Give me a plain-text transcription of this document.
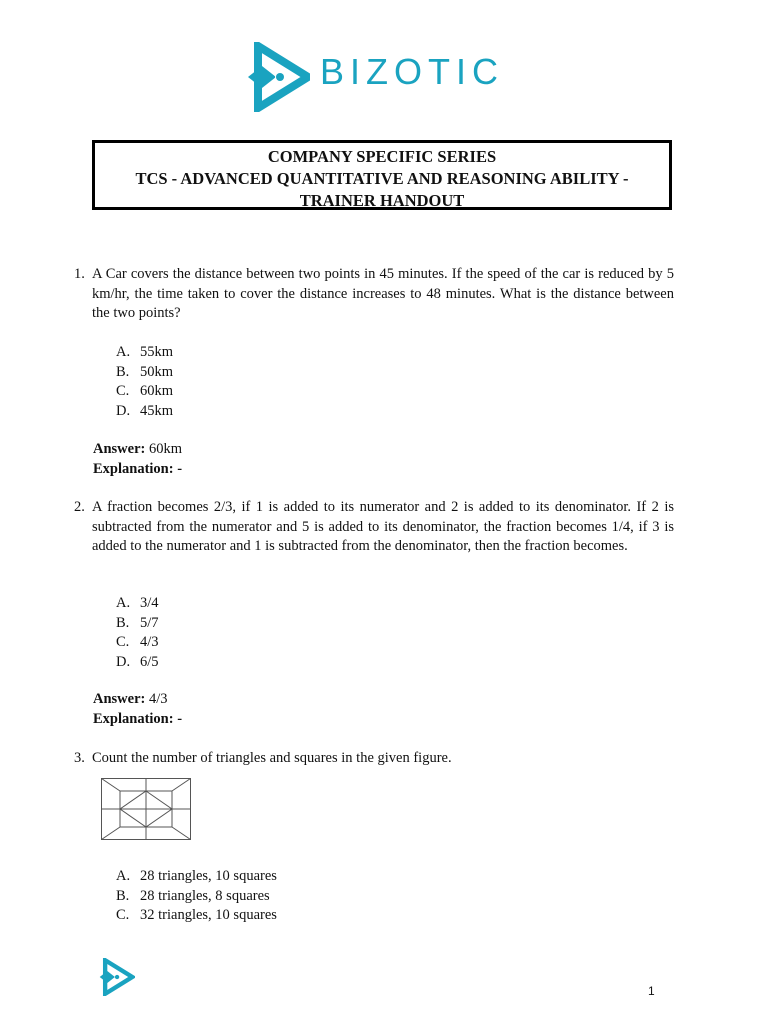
BIZOTIC
COMPANY SPECIFIC SERIES
TCS - ADVANCED QUANTITATIVE AND REASONING ABILITY -
TRAINER HANDOUT
1. A Car covers the distance between two points in 45 minutes. If the speed of the car is reduced by 5 km/hr, the time taken to cover the distance increases to 48 minutes. What is the distance between the two points?
A. 55km
B. 50km
C. 60km
D. 45km
Answer: 60km
Explanation: -
2. A fraction becomes 2/3, if 1 is added to its numerator and 2 is added to its denominator. If 2 is subtracted from the numerator and 5 is added to its denominator, the fraction becomes 1/4, if 3 is added to the numerator and 1 is subtracted from the denominator, then the fraction becomes.
A. 3/4
B. 5/7
C. 4/3
D. 6/5
Answer: 4/3
Explanation: -
3. Count the number of triangles and squares in the given figure.
A. 28 triangles, 10 squares
B. 28 triangles, 8 squares
C. 32 triangles, 10 squares
1
